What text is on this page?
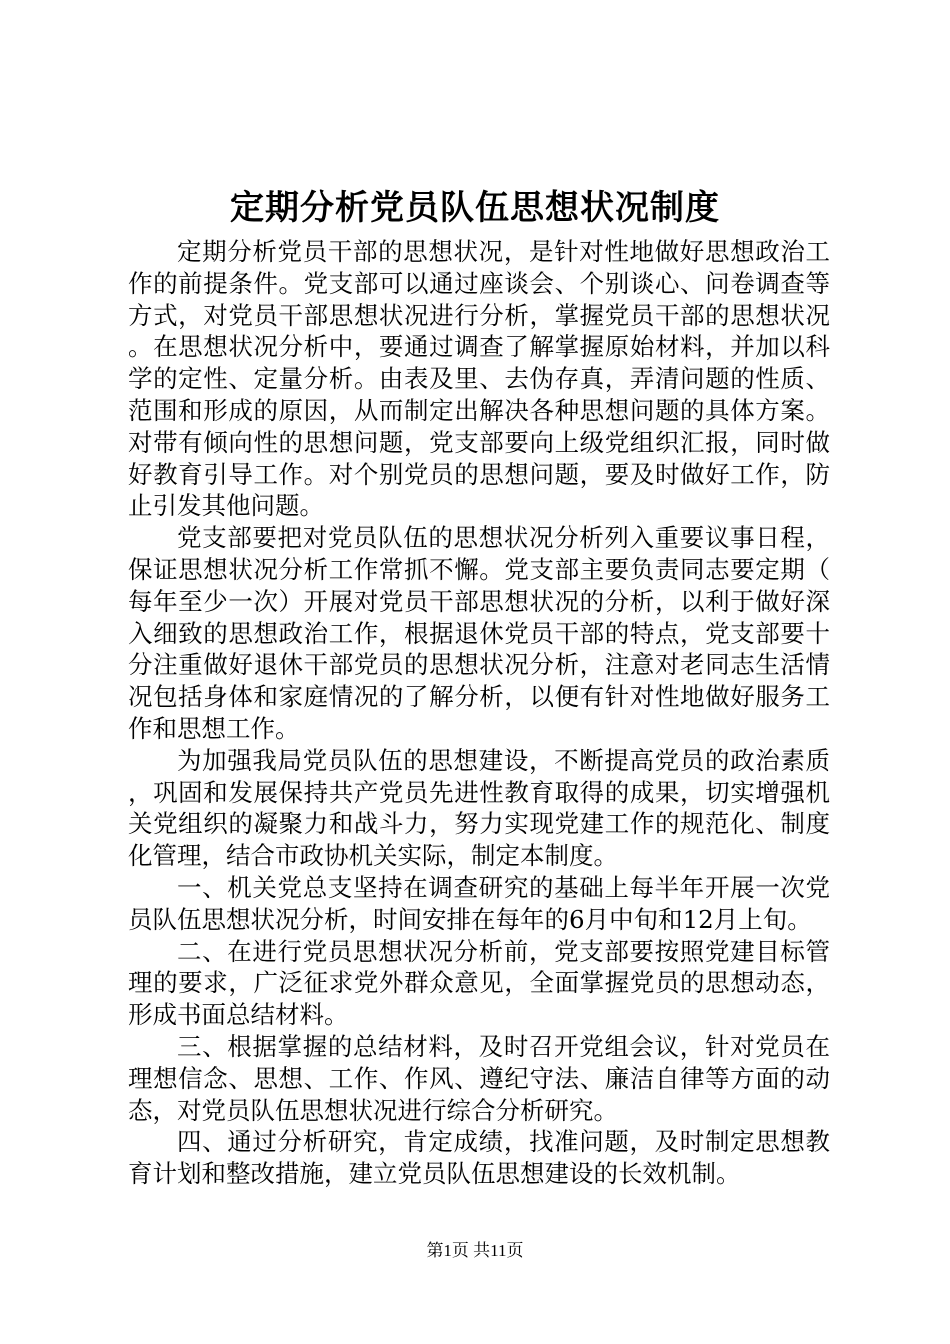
定期分析党员队伍思想状况制度

定期分析党员干部的思想状况，是针对性地做好思想政治工作的前提条件。党支部可以通过座谈会、个别谈心、问卷调查等方式，对党员干部思想状况进行分析，掌握党员干部的思想状况。在思想状况分析中，要通过调查了解掌握原始材料，并加以科学的定性、定量分析。由表及里、去伪存真，弄清问题的性质、范围和形成的原因，从而制定出解决各种思想问题的具体方案。对带有倾向性的思想问题，党支部要向上级党组织汇报，同时做好教育引导工作。对个别党员的思想问题，要及时做好工作，防止引发其他问题。

党支部要把对党员队伍的思想状况分析列入重要议事日程，保证思想状况分析工作常抓不懈。党支部主要负责同志要定期（每年至少一次）开展对党员干部思想状况的分析，以利于做好深入细致的思想政治工作，根据退休党员干部的特点，党支部要十分注重做好退休干部党员的思想状况分析，注意对老同志生活情况包括身体和家庭情况的了解分析，以便有针对性地做好服务工作和思想工作。

为加强我局党员队伍的思想建设，不断提高党员的政治素质，巩固和发展保持共产党员先进性教育取得的成果，切实增强机关党组织的凝聚力和战斗力，努力实现党建工作的规范化、制度化管理，结合市政协机关实际，制定本制度。

一、机关党总支坚持在调查研究的基础上每半年开展一次党员队伍思想状况分析，时间安排在每年的6月中旬和12月上旬。

二、在进行党员思想状况分析前，党支部要按照党建目标管理的要求，广泛征求党外群众意见，全面掌握党员的思想动态，形成书面总结材料。

三、根据掌握的总结材料，及时召开党组会议，针对党员在理想信念、思想、工作、作风、遵纪守法、廉洁自律等方面的动态，对党员队伍思想状况进行综合分析研究。

四、通过分析研究，肯定成绩，找准问题，及时制定思想教育计划和整改措施，建立党员队伍思想建设的长效机制。

第1页 共11页
